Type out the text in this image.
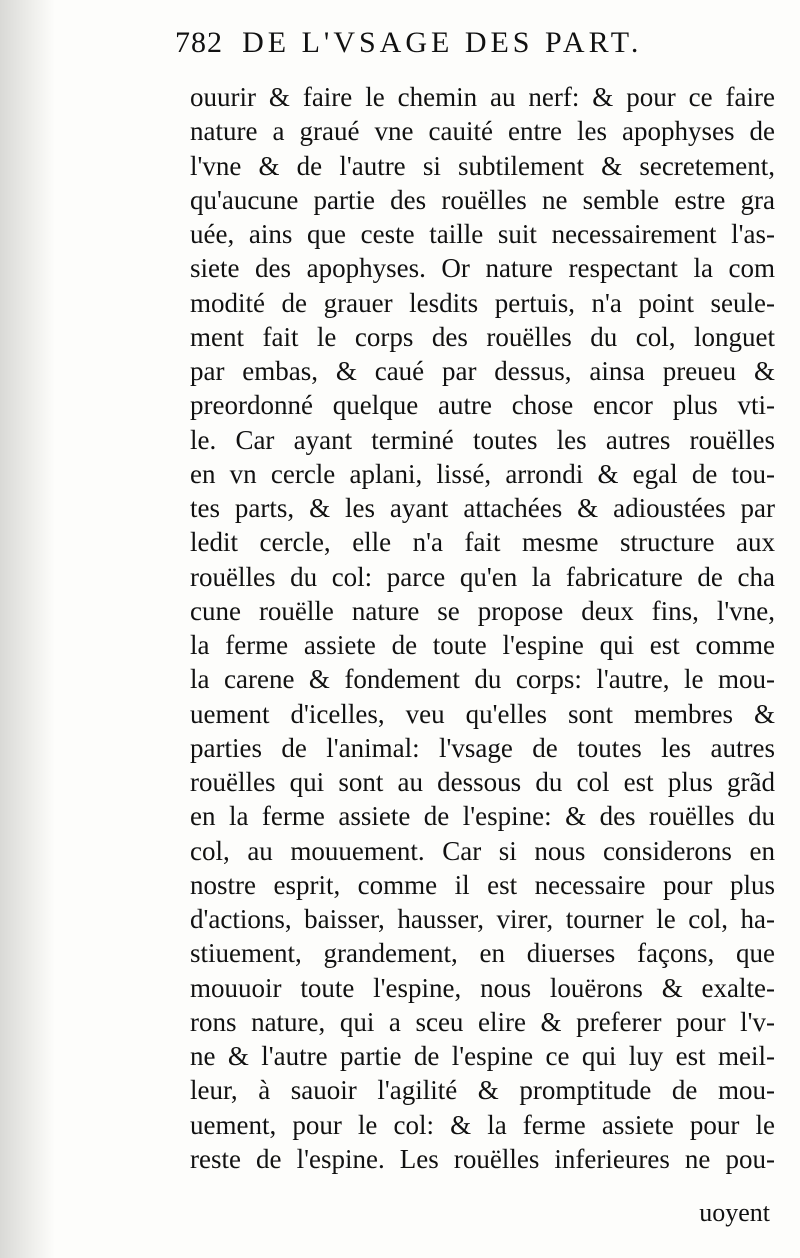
782 DE L'VSAGE DES PART.
ouurir & faire le chemin au nerf: & pour ce faire
nature a graué vne cauité entre les apophyses de
l'vne & de l'autre si subtilement & secretement,
qu'aucune partie des rouëlles ne semble estre gra
uée, ains que ceste taille suit necessairement l'as-
siete des apophyses. Or nature respectant la com
modité de grauer lesdits pertuis, n'a point seule-
ment fait le corps des rouëlles du col, longuet
par embas, & caué par dessus, ainsa preueu &
preordonné quelque autre chose encor plus vti-
le. Car ayant terminé toutes les autres rouëlles
en vn cercle aplani, lissé, arrondi & egal de tou-
tes parts, & les ayant attachées & adioustées par
ledit cercle, elle n'a fait mesme structure aux
rouëlles du col: parce qu'en la fabricature de cha
cune rouëlle nature se propose deux fins, l'vne,
la ferme assiete de toute l'espine qui est comme
la carene & fondement du corps: l'autre, le mou-
uement d'icelles, veu qu'elles sont membres &
parties de l'animal: l'vsage de toutes les autres
rouëlles qui sont au dessous du col est plus grãd
en la ferme assiete de l'espine: & des rouëlles du
col, au mouuement. Car si nous considerons en
nostre esprit, comme il est necessaire pour plus
d'actions, baisser, hausser, virer, tourner le col, ha-
stiuement, grandement, en diuerses façons, que
mouuoir toute l'espine, nous louërons & exalte-
rons nature, qui a sceu elire & preferer pour l'v-
ne & l'autre partie de l'espine ce qui luy est meil-
leur, à sauoir l'agilité & promptitude de mou-
uement, pour le col: & la ferme assiete pour le
reste de l'espine. Les rouëlles inferieures ne pou-
uoyent
